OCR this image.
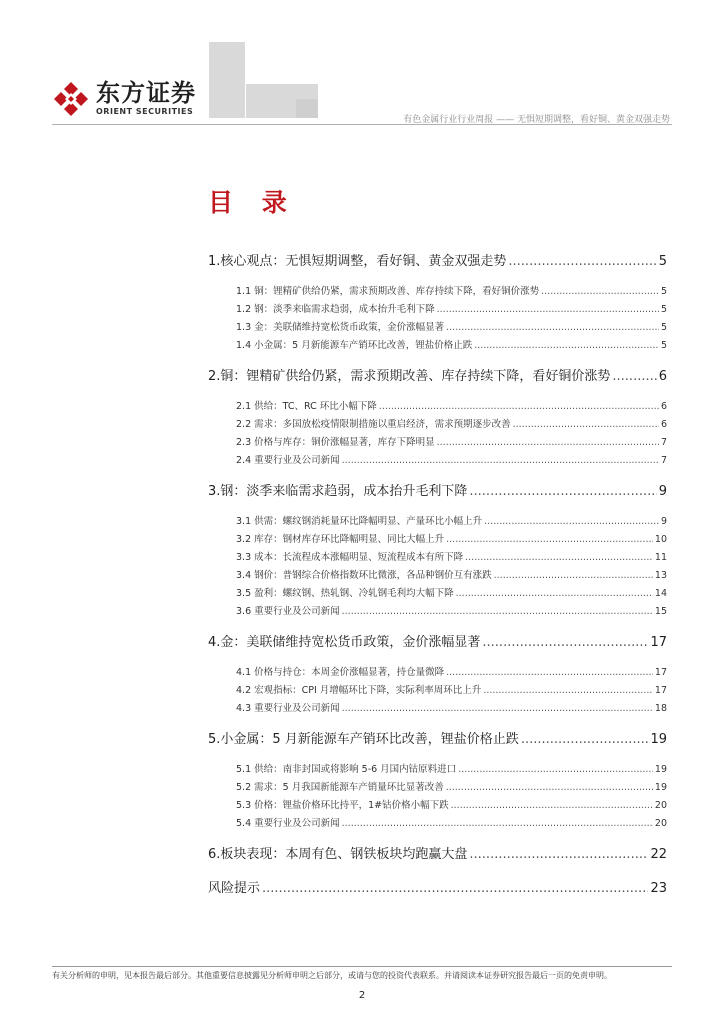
东方证券
ORIENT SECURITIES
有色金属行业行业周报 —— 无惧短期调整，看好铜、黄金双强走势
目 录
1.核心观点：无惧短期调整，看好铜、黄金双强走势 .....	5
1.1 铜：锂精矿供给仍紧，需求预期改善、库存持续下降，看好铜价涨势 .....	5
1.2 钢：淡季来临需求趋弱，成本抬升毛利下降 .....	5
1.3 金：美联储维持宽松货币政策，金价涨幅显著 .....	5
1.4 小金属：5 月新能源车产销环比改善，锂盐价格止跌 .....	5
2.铜：锂精矿供给仍紧，需求预期改善、库存持续下降，看好铜价涨势 .....	6
2.1 供给：TC、RC 环比小幅下降 .....	6
2.2 需求：多国放松疫情限制措施以重启经济，需求预期逐步改善 .....	6
2.3 价格与库存：铜价涨幅显著，库存下降明显 .....	7
2.4 重要行业及公司新闻 .....	7
3.钢：淡季来临需求趋弱，成本抬升毛利下降 .....	9
3.1 供需：螺纹钢消耗量环比降幅明显、产量环比小幅上升 .....	9
3.2 库存：钢材库存环比降幅明显、同比大幅上升 .....	10
3.3 成本：长流程成本涨幅明显、短流程成本有所下降 .....	11
3.4 钢价：普钢综合价格指数环比微涨，各品种钢价互有涨跌 .....	13
3.5 盈利：螺纹钢、热轧钢、冷轧钢毛利均大幅下降 .....	14
3.6 重要行业及公司新闻 .....	15
4.金：美联储维持宽松货币政策，金价涨幅显著 .....	17
4.1 价格与持仓：本周金价涨幅显著，持仓量微降 .....	17
4.2 宏观指标：CPI 月增幅环比下降，实际利率周环比上升 .....	17
4.3 重要行业及公司新闻 .....	18
5.小金属：5 月新能源车产销环比改善，锂盐价格止跌 .....	19
5.1 供给：南非封国或将影响 5-6 月国内钴原料进口 .....	19
5.2 需求：5 月我国新能源车产销量环比显著改善 .....	19
5.3 价格：锂盐价格环比持平，1#钴价格小幅下跌 .....	20
5.4 重要行业及公司新闻 .....	20
6.板块表现：本周有色、钢铁板块均跑赢大盘 .....	22
风险提示 .....	23
有关分析师的申明，见本报告最后部分。其他重要信息披露见分析师申明之后部分，或请与您的投资代表联系。并请阅读本证券研究报告最后一页的免责申明。
2
